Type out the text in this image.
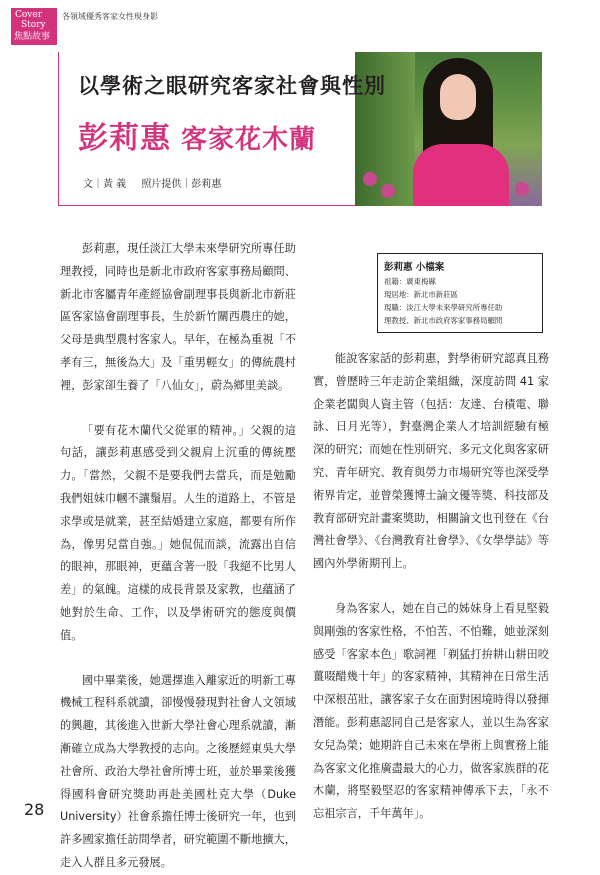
Cover
Story
焦點故事
各領域優秀客家女性現身影
以學術之眼研究客家社會與性別
彭莉惠 客家花木蘭
文｜黃 義 照片提供｜彭莉惠

彭莉惠，現任淡江大學未來學研究所專任助理教授，同時也是新北市政府客家事務局顧問、新北市客屬青年產經協會副理事長與新北市新莊區客家協會副理事長，生於新竹關西農庄的她，父母是典型農村客家人。早年，在極為重視「不孝有三，無後為大」及「重男輕女」的傳統農村裡，彭家卻生養了「八仙女」，蔚為鄉里美談。

「要有花木蘭代父從軍的精神。」父親的這句話，讓彭莉惠感受到父親肩上沉重的傳統壓力。「當然，父親不是要我們去當兵，而是勉勵我們姐妹巾幗不讓鬚眉。人生的道路上，不管是求學或是就業，甚至結婚建立家庭，都要有所作為，像男兒當自強。」她侃侃而談，流露出自信的眼神，那眼神，更蘊含著一股「我絕不比男人差」的氣魄。這樣的成長背景及家教，也蘊涵了她對於生命、工作，以及學術研究的態度與價值。

國中畢業後，她選擇進入離家近的明新工專機械工程科系就讀，卻慢慢發現對社會人文領域的興趣，其後進入世新大學社會心理系就讀，漸漸確立成為大學教授的志向。之後歷經東吳大學社會所、政治大學社會所博士班，並於畢業後獲得國科會研究獎助再赴美國杜克大學（Duke University）社會系擔任博士後研究一年，也到許多國家擔任訪問學者，研究範圍不斷地擴大，走入人群且多元發展。

彭莉惠 小檔案
祖籍：廣東梅縣
現居地：新北市新莊區
現職：淡江大學未來學研究所專任助
理教授、新北市政府客家事務局顧問

能說客家話的彭莉惠，對學術研究認真且務實，曾歷時三年走訪企業組織，深度訪問 41 家企業老闆與人資主管（包括：友達、台積電、聯詠、日月光等），對臺灣企業人才培訓經驗有極深的研究；而她在性別研究、多元文化與客家研究、青年研究、教育與勞力市場研究等也深受學術界肯定，並曾榮獲博士論文優等獎、科技部及教育部研究計畫案獎助，相關論文也刊登在《台灣社會學》、《台灣教育社會學》、《女學學誌》等國內外學術期刊上。

身為客家人，她在自己的姊妹身上看見堅毅與剛強的客家性格，不怕苦、不怕難，她並深刻感受「客家本色」歌詞裡「剃猛打拚耕山耕田咬薑啜醋幾十年」的客家精神，其精神在日常生活中深根茁壯，讓客家子女在面對困境時得以發揮潛能。彭莉惠認同自己是客家人，並以生為客家女兒為榮；她期許自己未來在學術上與實務上能為客家文化推廣盡最大的心力，做客家族群的花木蘭，將堅毅堅忍的客家精神傳承下去，「永不忘祖宗言，千年萬年」。

28
